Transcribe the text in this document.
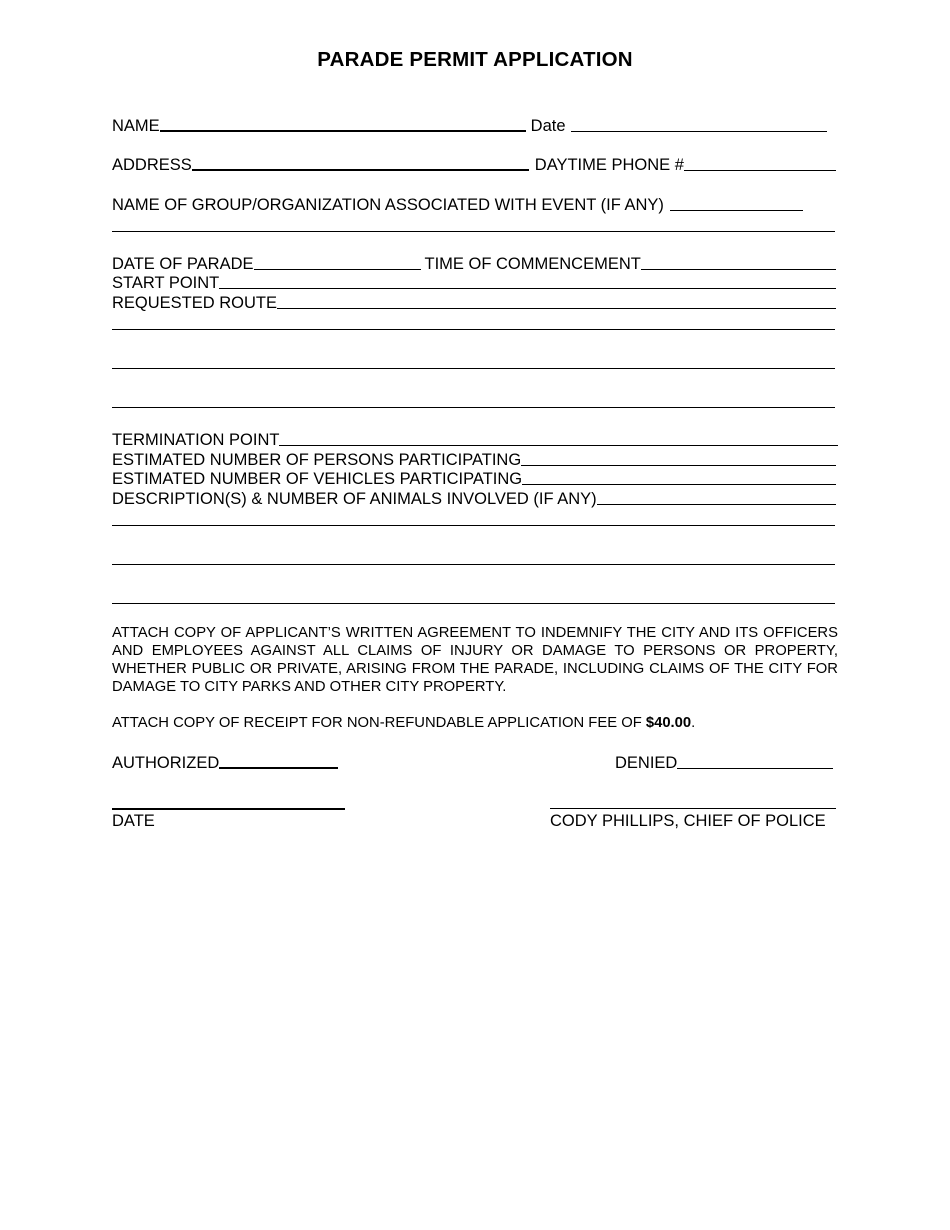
PARADE PERMIT APPLICATION
NAME	Date
ADDRESS	DAYTIME PHONE #
NAME OF GROUP/ORGANIZATION ASSOCIATED WITH EVENT (IF ANY)
DATE OF PARADE	TIME OF COMMENCEMENT
START POINT
REQUESTED ROUTE
TERMINATION POINT
ESTIMATED NUMBER OF PERSONS PARTICIPATING
ESTIMATED NUMBER OF VEHICLES PARTICIPATING
DESCRIPTION(S) & NUMBER OF ANIMALS INVOLVED (IF ANY)
ATTACH COPY OF APPLICANT’S WRITTEN AGREEMENT TO INDEMNIFY THE CITY AND ITS OFFICERS AND EMPLOYEES AGAINST ALL CLAIMS OF INJURY OR DAMAGE TO PERSONS OR PROPERTY, WHETHER PUBLIC OR PRIVATE, ARISING FROM THE PARADE, INCLUDING CLAIMS OF THE CITY FOR DAMAGE TO CITY PARKS AND OTHER CITY PROPERTY.
ATTACH COPY OF RECEIPT FOR NON-REFUNDABLE APPLICATION FEE OF $40.00.
AUTHORIZED	DENIED
DATE	CODY PHILLIPS, CHIEF OF POLICE
